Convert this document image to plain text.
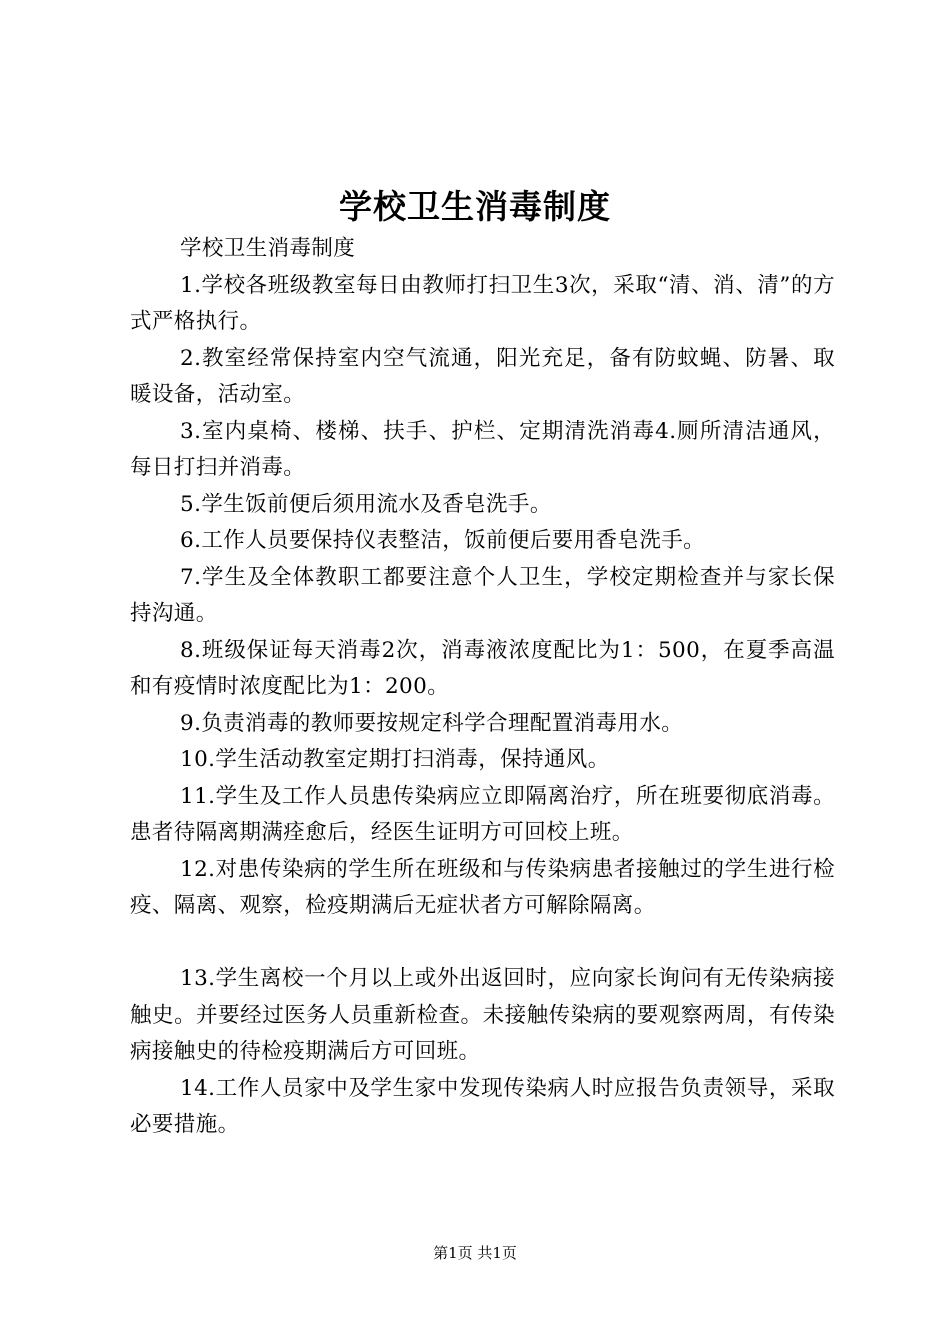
学校卫生消毒制度

学校卫生消毒制度

1.学校各班级教室每日由教师打扫卫生3次，采取“清、消、清”的方式严格执行。

2.教室经常保持室内空气流通，阳光充足，备有防蚊蝇、防暑、取暖设备，活动室。

3.室内桌椅、楼梯、扶手、护栏、定期清洗消毒4.厕所清洁通风，每日打扫并消毒。

5.学生饭前便后须用流水及香皂洗手。

6.工作人员要保持仪表整洁，饭前便后要用香皂洗手。

7.学生及全体教职工都要注意个人卫生，学校定期检查并与家长保持沟通。

8.班级保证每天消毒2次，消毒液浓度配比为1：500，在夏季高温和有疫情时浓度配比为1：200。

9.负责消毒的教师要按规定科学合理配置消毒用水。

10.学生活动教室定期打扫消毒，保持通风。

11.学生及工作人员患传染病应立即隔离治疗，所在班要彻底消毒。患者待隔离期满痊愈后，经医生证明方可回校上班。

12.对患传染病的学生所在班级和与传染病患者接触过的学生进行检疫、隔离、观察，检疫期满后无症状者方可解除隔离。

13.学生离校一个月以上或外出返回时，应向家长询问有无传染病接触史。并要经过医务人员重新检查。未接触传染病的要观察两周，有传染病接触史的待检疫期满后方可回班。

14.工作人员家中及学生家中发现传染病人时应报告负责领导，采取必要措施。

第1页 共1页
